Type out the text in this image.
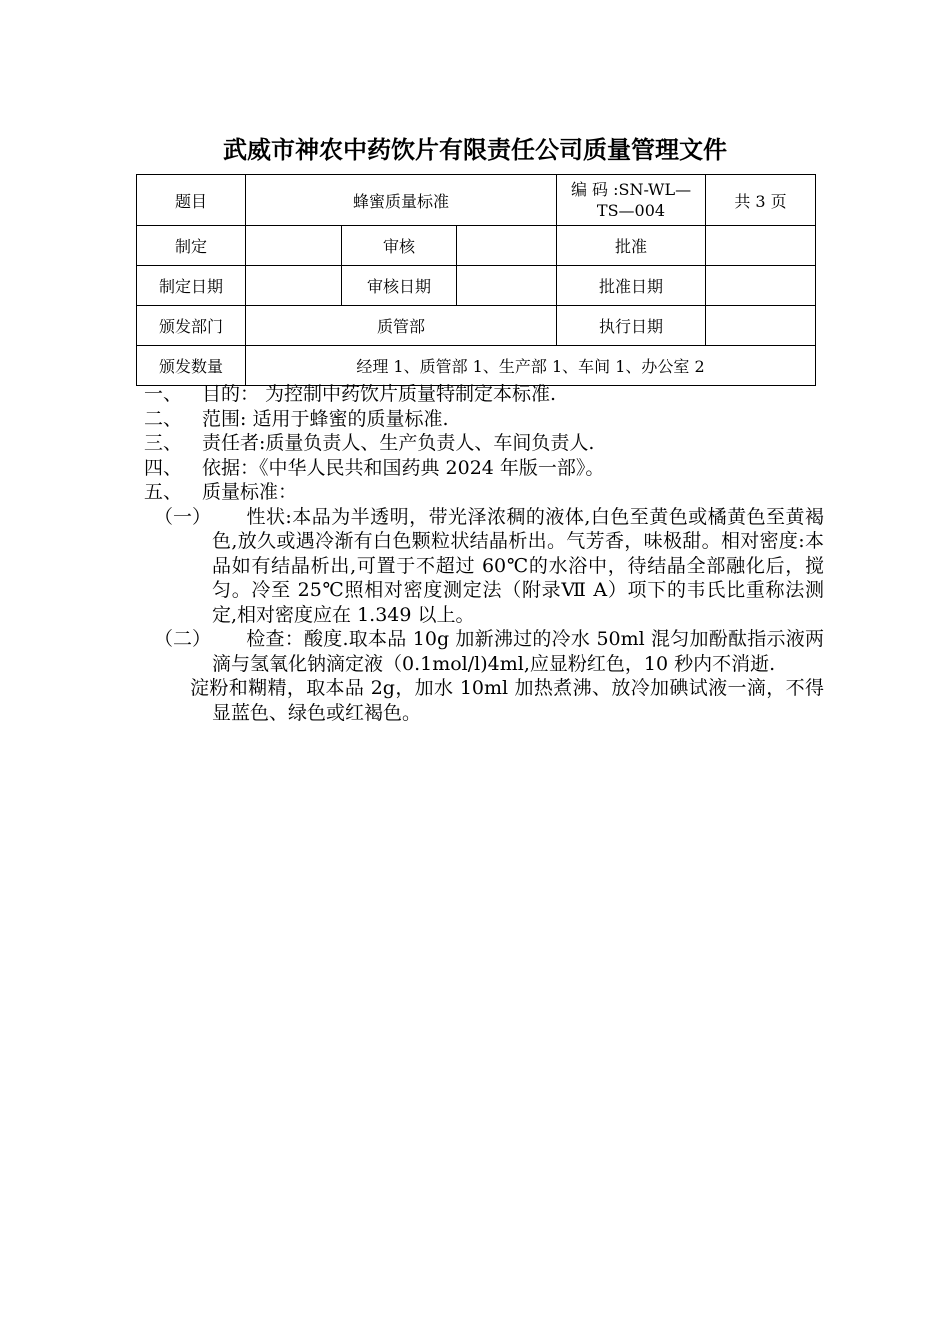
武威市神农中药饮片有限责任公司质量管理文件
题目	蜂蜜质量标准			编 码 :SN-WL—TS—004	共 3 页
制定		审核		批准	
制定日期		审核日期		批准日期	
颁发部门	质管部			执行日期	
颁发数量	经理 1、质管部 1、生产部 1、车间 1、办公室 2				
一、	目的： 为控制中药饮片质量特制定本标准.
二、	范围: 适用于蜂蜜的质量标准.
三、	责任者:质量负责人、生产负责人、车间负责人.
四、	依据：《中华人民共和国药典 2024 年版一部》。
五、	质量标准：
（一） 性状:本品为半透明，带光泽浓稠的液体,白色至黄色或橘黄色至黄褐色,放久或遇冷渐有白色颗粒状结晶析出。气芳香，味极甜。相对密度:本品如有结晶析出,可置于不超过 60℃的水浴中，待结晶全部融化后，搅匀。冷至 25℃照相对密度测定法（附录Ⅶ A）项下的韦氏比重称法测定,相对密度应在 1.349 以上。
（二） 检查：酸度.取本品 10g 加新沸过的冷水 50ml 混匀加酚酞指示液两滴与氢氧化钠滴定液（0.1mol/l)4ml,应显粉红色，10 秒内不消逝.
淀粉和糊精，取本品 2g，加水 10ml 加热煮沸、放冷加碘试液一滴，不得显蓝色、绿色或红褐色。
